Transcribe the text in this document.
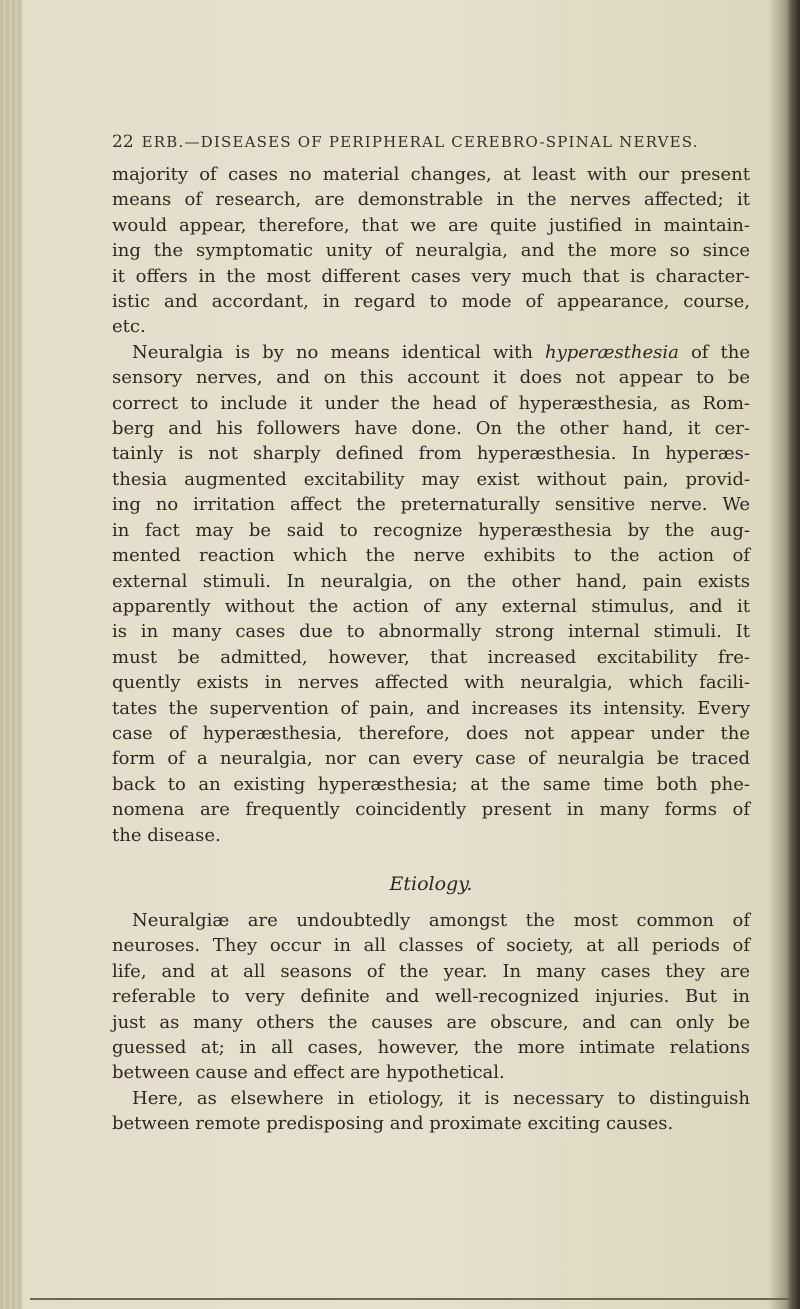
22 ERB.—DISEASES OF PERIPHERAL CEREBRO-SPINAL NERVES.
majority of cases no material changes, at least with our present
means of research, are demonstrable in the nerves affected; it
would appear, therefore, that we are quite justified in maintain-
ing the symptomatic unity of neuralgia, and the more so since
it offers in the most different cases very much that is character-
istic and accordant, in regard to mode of appearance, course,
etc.
Neuralgia is by no means identical with hyperæsthesia of the
sensory nerves, and on this account it does not appear to be
correct to include it under the head of hyperæsthesia, as Rom-
berg and his followers have done. On the other hand, it cer-
tainly is not sharply defined from hyperæsthesia. In hyperæs-
thesia augmented excitability may exist without pain, provid-
ing no irritation affect the preternaturally sensitive nerve. We
in fact may be said to recognize hyperæsthesia by the aug-
mented reaction which the nerve exhibits to the action of
external stimuli. In neuralgia, on the other hand, pain exists
apparently without the action of any external stimulus, and it
is in many cases due to abnormally strong internal stimuli. It
must be admitted, however, that increased excitability fre-
quently exists in nerves affected with neuralgia, which facili-
tates the supervention of pain, and increases its intensity. Every
case of hyperæsthesia, therefore, does not appear under the
form of a neuralgia, nor can every case of neuralgia be traced
back to an existing hyperæsthesia; at the same time both phe-
nomena are frequently coincidently present in many forms of
the disease.
Etiology.
Neuralgiæ are undoubtedly amongst the most common of
neuroses. They occur in all classes of society, at all periods of
life, and at all seasons of the year. In many cases they are
referable to very definite and well-recognized injuries. But in
just as many others the causes are obscure, and can only be
guessed at; in all cases, however, the more intimate relations
between cause and effect are hypothetical.
Here, as elsewhere in etiology, it is necessary to distinguish
between remote predisposing and proximate exciting causes.
